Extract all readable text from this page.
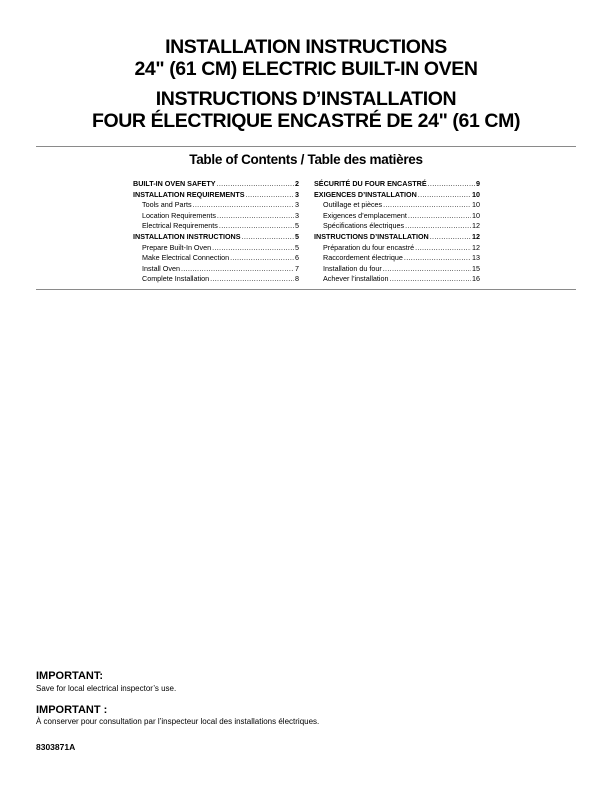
INSTALLATION INSTRUCTIONS
24" (61 CM) ELECTRIC BUILT-IN OVEN
INSTRUCTIONS D’INSTALLATION
FOUR ÉLECTRIQUE ENCASTRÉ DE 24" (61 CM)
Table of Contents / Table des matières
BUILT-IN OVEN SAFETY .....	2
INSTALLATION REQUIREMENTS .....	3
Tools and Parts .....	3
Location Requirements .....	3
Electrical Requirements .....	5
INSTALLATION INSTRUCTIONS .....	5
Prepare Built-In Oven .....	5
Make Electrical Connection .....	6
Install Oven .....	7
Complete Installation .....	8
SÉCURITÉ DU FOUR ENCASTRÉ .....	9
EXIGENCES D’INSTALLATION .....	10
Outillage et pièces .....	10
Exigences d’emplacement .....	10
Spécifications électriques .....	12
INSTRUCTIONS D’INSTALLATION .....	12
Préparation du four encastré .....	12
Raccordement électrique .....	13
Installation du four .....	15
Achever l’installation .....	16
IMPORTANT:
Save for local electrical inspector’s use.
IMPORTANT :
À conserver pour consultation par l’inspecteur local des installations électriques.
8303871A
